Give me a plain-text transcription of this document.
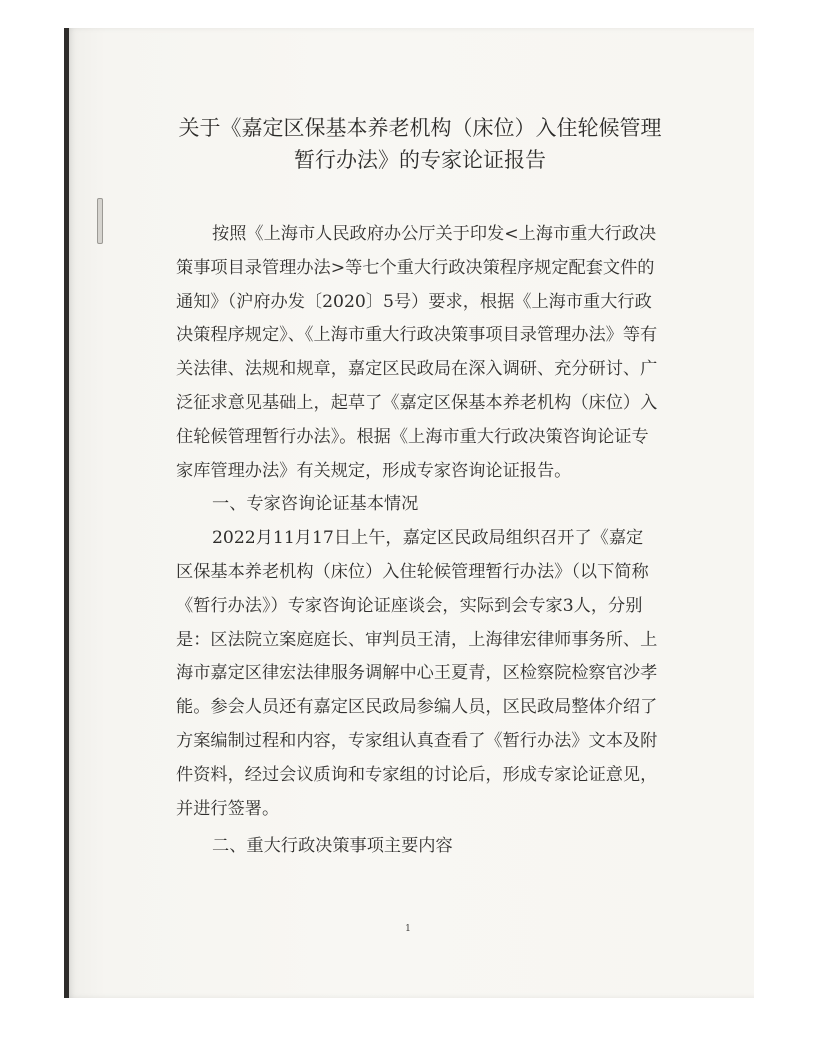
关于《嘉定区保基本养老机构（床位）入住轮候管理
暂行办法》的专家论证报告
按照《上海市人民政府办公厅关于印发<上海市重大行政决
策事项目录管理办法>等七个重大行政决策程序规定配套文件的
通知》（沪府办发〔2020〕5号）要求，根据《上海市重大行政
决策程序规定》、《上海市重大行政决策事项目录管理办法》等有
关法律、法规和规章，嘉定区民政局在深入调研、充分研讨、广
泛征求意见基础上，起草了《嘉定区保基本养老机构（床位）入
住轮候管理暂行办法》。根据《上海市重大行政决策咨询论证专
家库管理办法》有关规定，形成专家咨询论证报告。
一、专家咨询论证基本情况
2022月11月17日上午，嘉定区民政局组织召开了《嘉定
区保基本养老机构（床位）入住轮候管理暂行办法》（以下简称
《暂行办法》）专家咨询论证座谈会，实际到会专家3人，分别
是：区法院立案庭庭长、审判员王清，上海律宏律师事务所、上
海市嘉定区律宏法律服务调解中心王夏青，区检察院检察官沙孝
能。参会人员还有嘉定区民政局参编人员，区民政局整体介绍了
方案编制过程和内容，专家组认真查看了《暂行办法》文本及附
件资料，经过会议质询和专家组的讨论后，形成专家论证意见，
并进行签署。
二、重大行政决策事项主要内容
1
